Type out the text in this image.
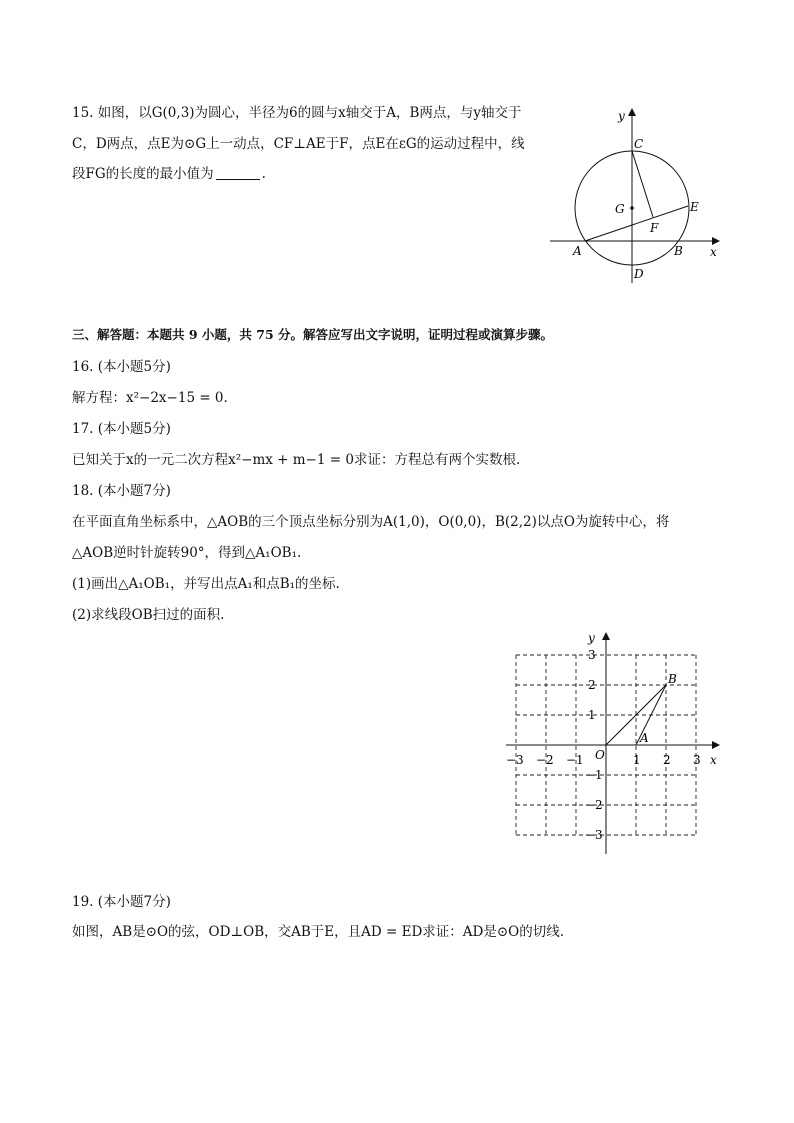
15. 如图，以G(0,3)为圆心，半径为6的圆与x轴交于A，B两点，与y轴交于
C，D两点，点E为⊙G上一动点，CF⊥AE于F，点E在εG的运动过程中，线
段FG的长度的最小值为	.
y
x
C
G	E
F
A	B
D
三、解答题：本题共 9 小题，共 75 分。解答应写出文字说明，证明过程或演算步骤。
16. (本小题5分)
解方程：x²−2x−15 = 0.
17. (本小题5分)
已知关于x的一元二次方程x²−mx + m−1 = 0求证：方程总有两个实数根.
18. (本小题7分)
在平面直角坐标系中，△AOB的三个顶点坐标分别为A(1,0)，O(0,0)，B(2,2)以点O为旋转中心，将
△AOB逆时针旋转90°，得到△A₁OB₁.
(1)画出△A₁OB₁，并写出点A₁和点B₁的坐标.
(2)求线段OB扫过的面积.
y
x
O
A
B
−3 −2 −1	1 2 3
3
2
1
−1
−2
−3
19. (本小题7分)
如图，AB是⊙O的弦，OD⊥OB，交AB于E，且AD = ED求证：AD是⊙O的切线.
